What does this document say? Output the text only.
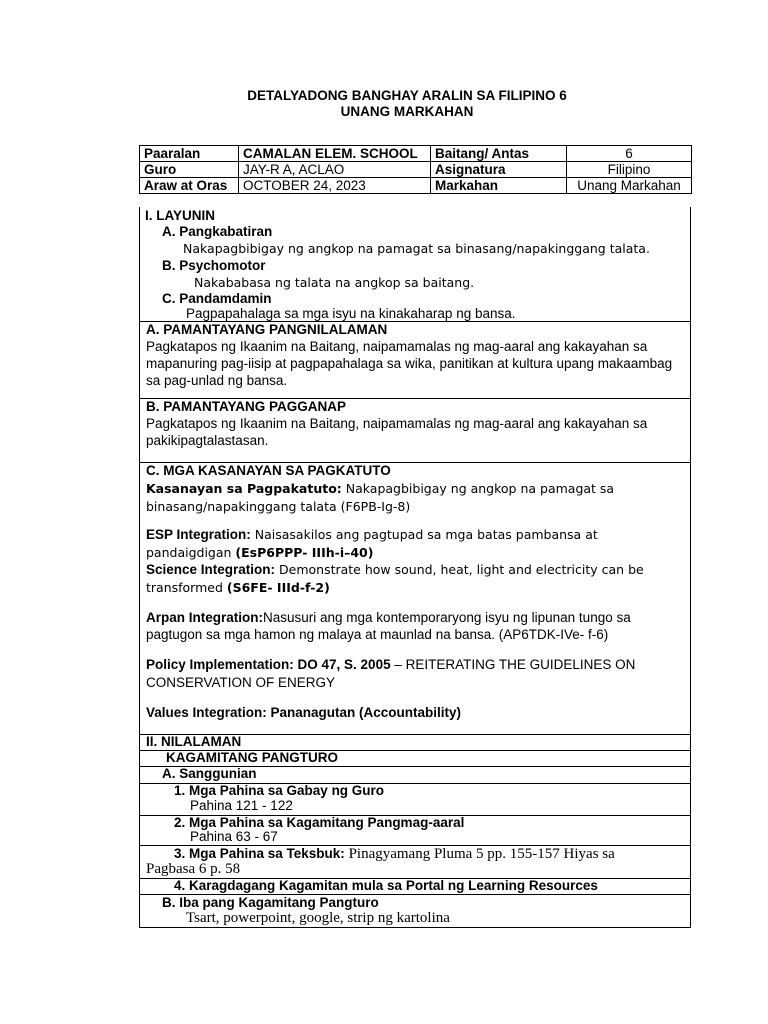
DETALYADONG BANGHAY ARALIN SA FILIPINO 6
UNANG MARKAHAN
Paaralan	CAMALAN ELEM. SCHOOL	Baitang/ Antas	6
Guro	JAY-R A, ACLAO	Asignatura	Filipino
Araw at Oras	OCTOBER 24, 2023	Markahan	Unang Markahan
I. LAYUNIN
A. Pangkabatiran
Nakapagbibigay ng angkop na pamagat sa binasang/napakinggang talata.
B. Psychomotor
Nakababasa ng talata na angkop sa baitang.
C. Pandamdamin
Pagpapahalaga sa mga isyu na kinakaharap ng bansa.
A. PAMANTAYANG PANGNILALAMAN
Pagkatapos ng Ikaanim na Baitang, naipamamalas ng mag-aaral ang kakayahan sa mapanuring pag-iisip at pagpapahalaga sa wika, panitikan at kultura upang makaambag sa pag-unlad ng bansa.
B. PAMANTAYANG PAGGANAP
Pagkatapos ng Ikaanim na Baitang, naipamamalas ng mag-aaral ang kakayahan sa pakikipagtalastasan.
C. MGA KASANAYAN SA PAGKATUTO
Kasanayan sa Pagpakatuto: Nakapagbibigay ng angkop na pamagat sa binasang/napakinggang talata (F6PB-Ig-8)
ESP Integration: Naisasakilos ang pagtupad sa mga batas pambansa at pandaigdigan (EsP6PPP- IIIh-i–40)
Science Integration: Demonstrate how sound, heat, light and electricity can be transformed (S6FE- IIId-f-2)
Arpan Integration:Nasusuri ang mga kontemporaryong isyu ng lipunan tungo sa pagtugon sa mga hamon ng malaya at maunlad na bansa. (AP6TDK-IVe- f-6)
Policy Implementation: DO 47, S. 2005 – REITERATING THE GUIDELINES ON CONSERVATION OF ENERGY
Values Integration: Pananagutan (Accountability)
II. NILALAMAN
KAGAMITANG PANGTURO
A. Sanggunian
1. Mga Pahina sa Gabay ng Guro
Pahina 121 - 122
2. Mga Pahina sa Kagamitang Pangmag-aaral
Pahina 63 - 67
3. Mga Pahina sa Teksbuk: Pinagyamang Pluma 5 pp. 155-157 Hiyas sa
Pagbasa 6 p. 58
4. Karagdagang Kagamitan mula sa Portal ng Learning Resources
B. Iba pang Kagamitang Pangturo
Tsart, powerpoint, google, strip ng kartolina
